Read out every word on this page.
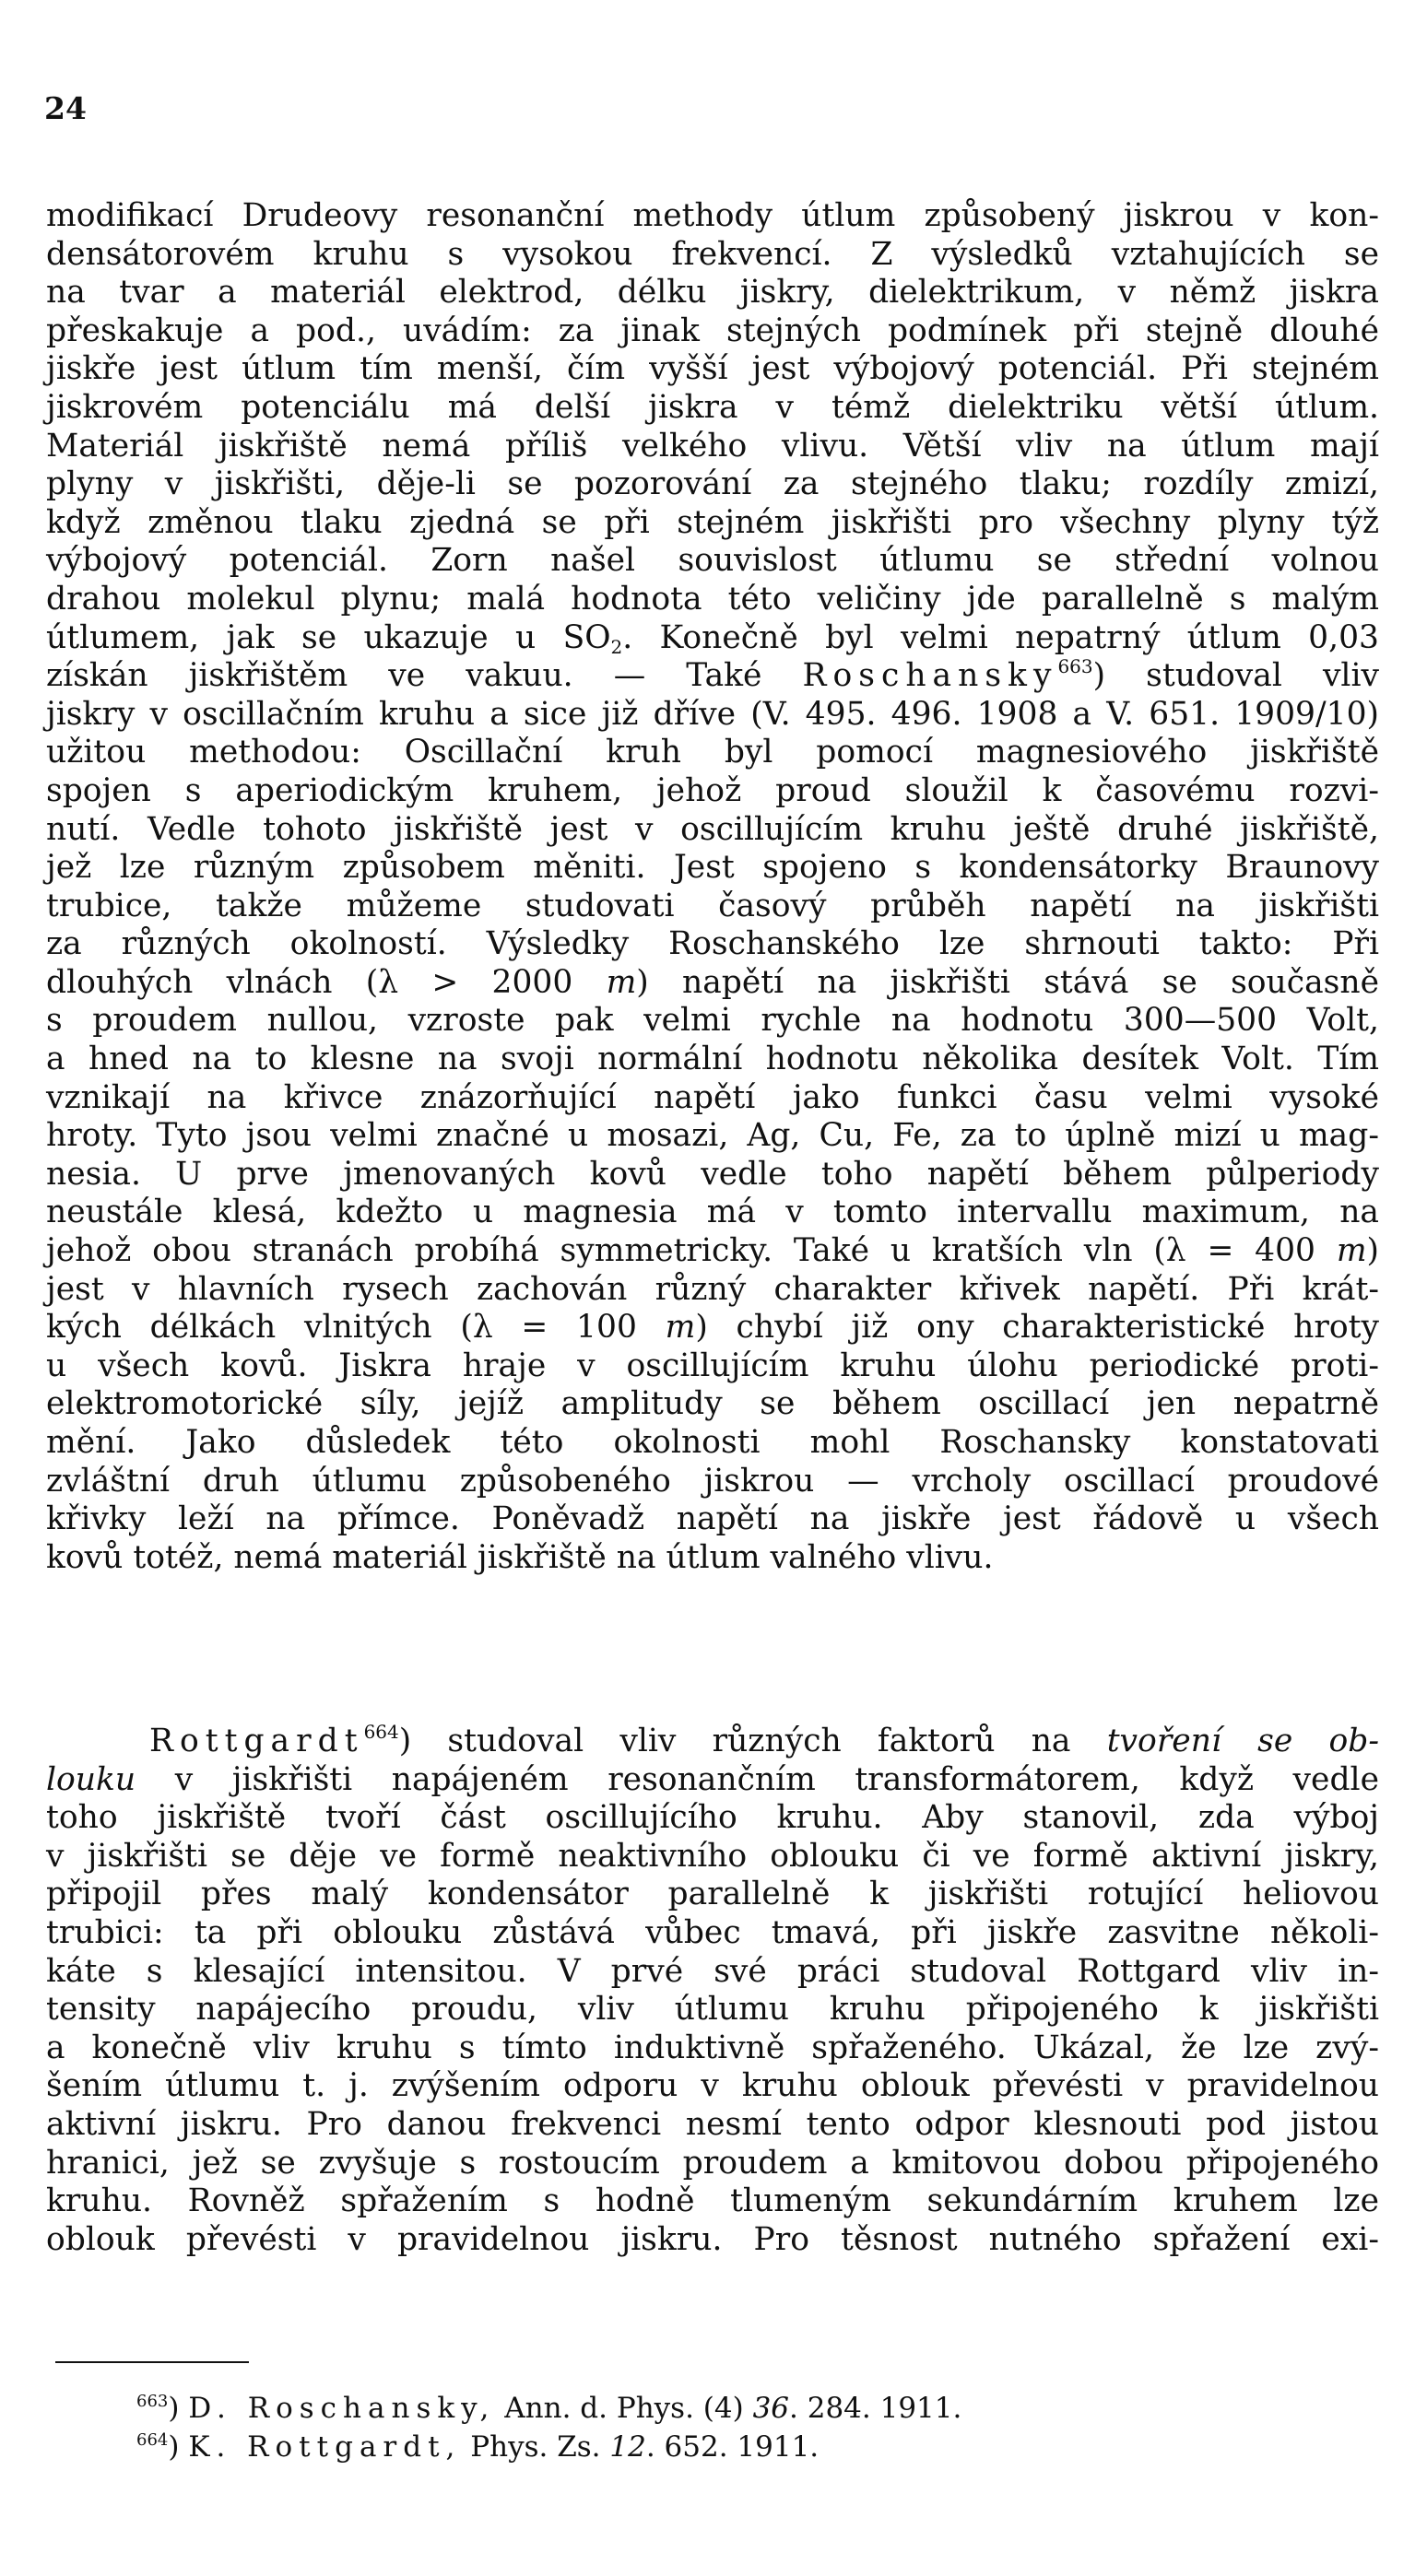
24
modifikací Drudeovy resonanční methody útlum způsobený jiskrou v kon-
densátorovém kruhu s vysokou frekvencí. Z výsledků vztahujících se
na tvar a materiál elektrod, délku jiskry, dielektrikum, v němž jiskra
přeskakuje a pod., uvádím: za jinak stejných podmínek při stejně dlouhé
jiskře jest útlum tím menší, čím vyšší jest výbojový potenciál. Při stejném
jiskrovém potenciálu má delší jiskra v témž dielektriku větší útlum.
Materiál jiskřiště nemá příliš velkého vlivu. Větší vliv na útlum mají
plyny v jiskřišti, děje-li se pozorování za stejného tlaku; rozdíly zmizí,
když změnou tlaku zjedná se při stejném jiskřišti pro všechny plyny týž
výbojový potenciál. Zorn našel souvislost útlumu se střední volnou
drahou molekul plynu; malá hodnota této veličiny jde parallelně s malým
útlumem, jak se ukazuje u $SO_2$. Konečně byl velmi nepatrný útlum 0,03
získán jiskřištěm ve vakuu. — Také Roschansky$^{663}$) studoval vliv
jiskry v oscillačním kruhu a sice již dříve (V. 495. 496. 1908 a V. 651. 1909/10)
užitou methodou: Oscillační kruh byl pomocí magnesiového jiskřiště
spojen s aperiodickým kruhem, jehož proud sloužil k časovému rozvi-
nutí. Vedle tohoto jiskřiště jest v oscillujícím kruhu ještě druhé jiskřiště,
jež lze různým způsobem měniti. Jest spojeno s kondensátorky Braunovy
trubice, takže můžeme studovati časový průběh napětí na jiskřišti
za různých okolností. Výsledky Roschanského lze shrnouti takto: Při
dlouhých vlnách (λ > 2000 m) napětí na jiskřišti stává se současně
s proudem nullou, vzroste pak velmi rychle na hodnotu 300—500 Volt,
a hned na to klesne na svoji normální hodnotu několika desítek Volt. Tím
vznikají na křivce znázorňující napětí jako funkci času velmi vysoké
hroty. Tyto jsou velmi značné u mosazi, Ag, Cu, Fe, za to úplně mizí u mag-
nesia. U prve jmenovaných kovů vedle toho napětí během půlperiody
neustále klesá, kdežto u magnesia má v tomto intervallu maximum, na
jehož obou stranách probíhá symmetricky. Také u kratších vln (λ = 400 m)
jest v hlavních rysech zachován různý charakter křivek napětí. Při krát-
kých délkách vlnitých (λ = 100 m) chybí již ony charakteristické hroty
u všech kovů. Jiskra hraje v oscillujícím kruhu úlohu periodické proti-
elektromotorické síly, jejíž amplitudy se během oscillací jen nepatrně
mění. Jako důsledek této okolnosti mohl Roschansky konstatovati
zvláštní druh útlumu způsobeného jiskrou — vrcholy oscillací proudové
křivky leží na přímce. Poněvadž napětí na jiskře jest řádově u všech
kovů totéž, nemá materiál jiskřiště na útlum valného vlivu.
Rottgardt$^{664}$) studoval vliv různých faktorů na tvoření se ob-
louku v jiskřišti napájeném resonančním transformátorem, když vedle
toho jiskřiště tvoří část oscillujícího kruhu. Aby stanovil, zda výboj
v jiskřišti se děje ve formě neaktivního oblouku či ve formě aktivní jiskry,
připojil přes malý kondensátor parallelně k jiskřišti rotující heliovou
trubici: ta při oblouku zůstává vůbec tmavá, při jiskře zasvitne několi-
káte s klesající intensitou. V prvé své práci studoval Rottgard vliv in-
tensity napájecího proudu, vliv útlumu kruhu připojeného k jiskřišti
a konečně vliv kruhu s tímto induktivně spřaženého. Ukázal, že lze zvý-
šením útlumu t. j. zvýšením odporu v kruhu oblouk převésti v pravidelnou
aktivní jiskru. Pro danou frekvenci nesmí tento odpor klesnouti pod jistou
hranici, jež se zvyšuje s rostoucím proudem a kmitovou dobou připojeného
kruhu. Rovněž spřažením s hodně tlumeným sekundárním kruhem lze
oblouk převésti v pravidelnou jiskru. Pro těsnost nutného spřažení exi-
$^{663}$) D. Roschansky, Ann. d. Phys. (4) 36. 284. 1911.
$^{664}$) K. Rottgardt, Phys. Zs. 12. 652. 1911.
